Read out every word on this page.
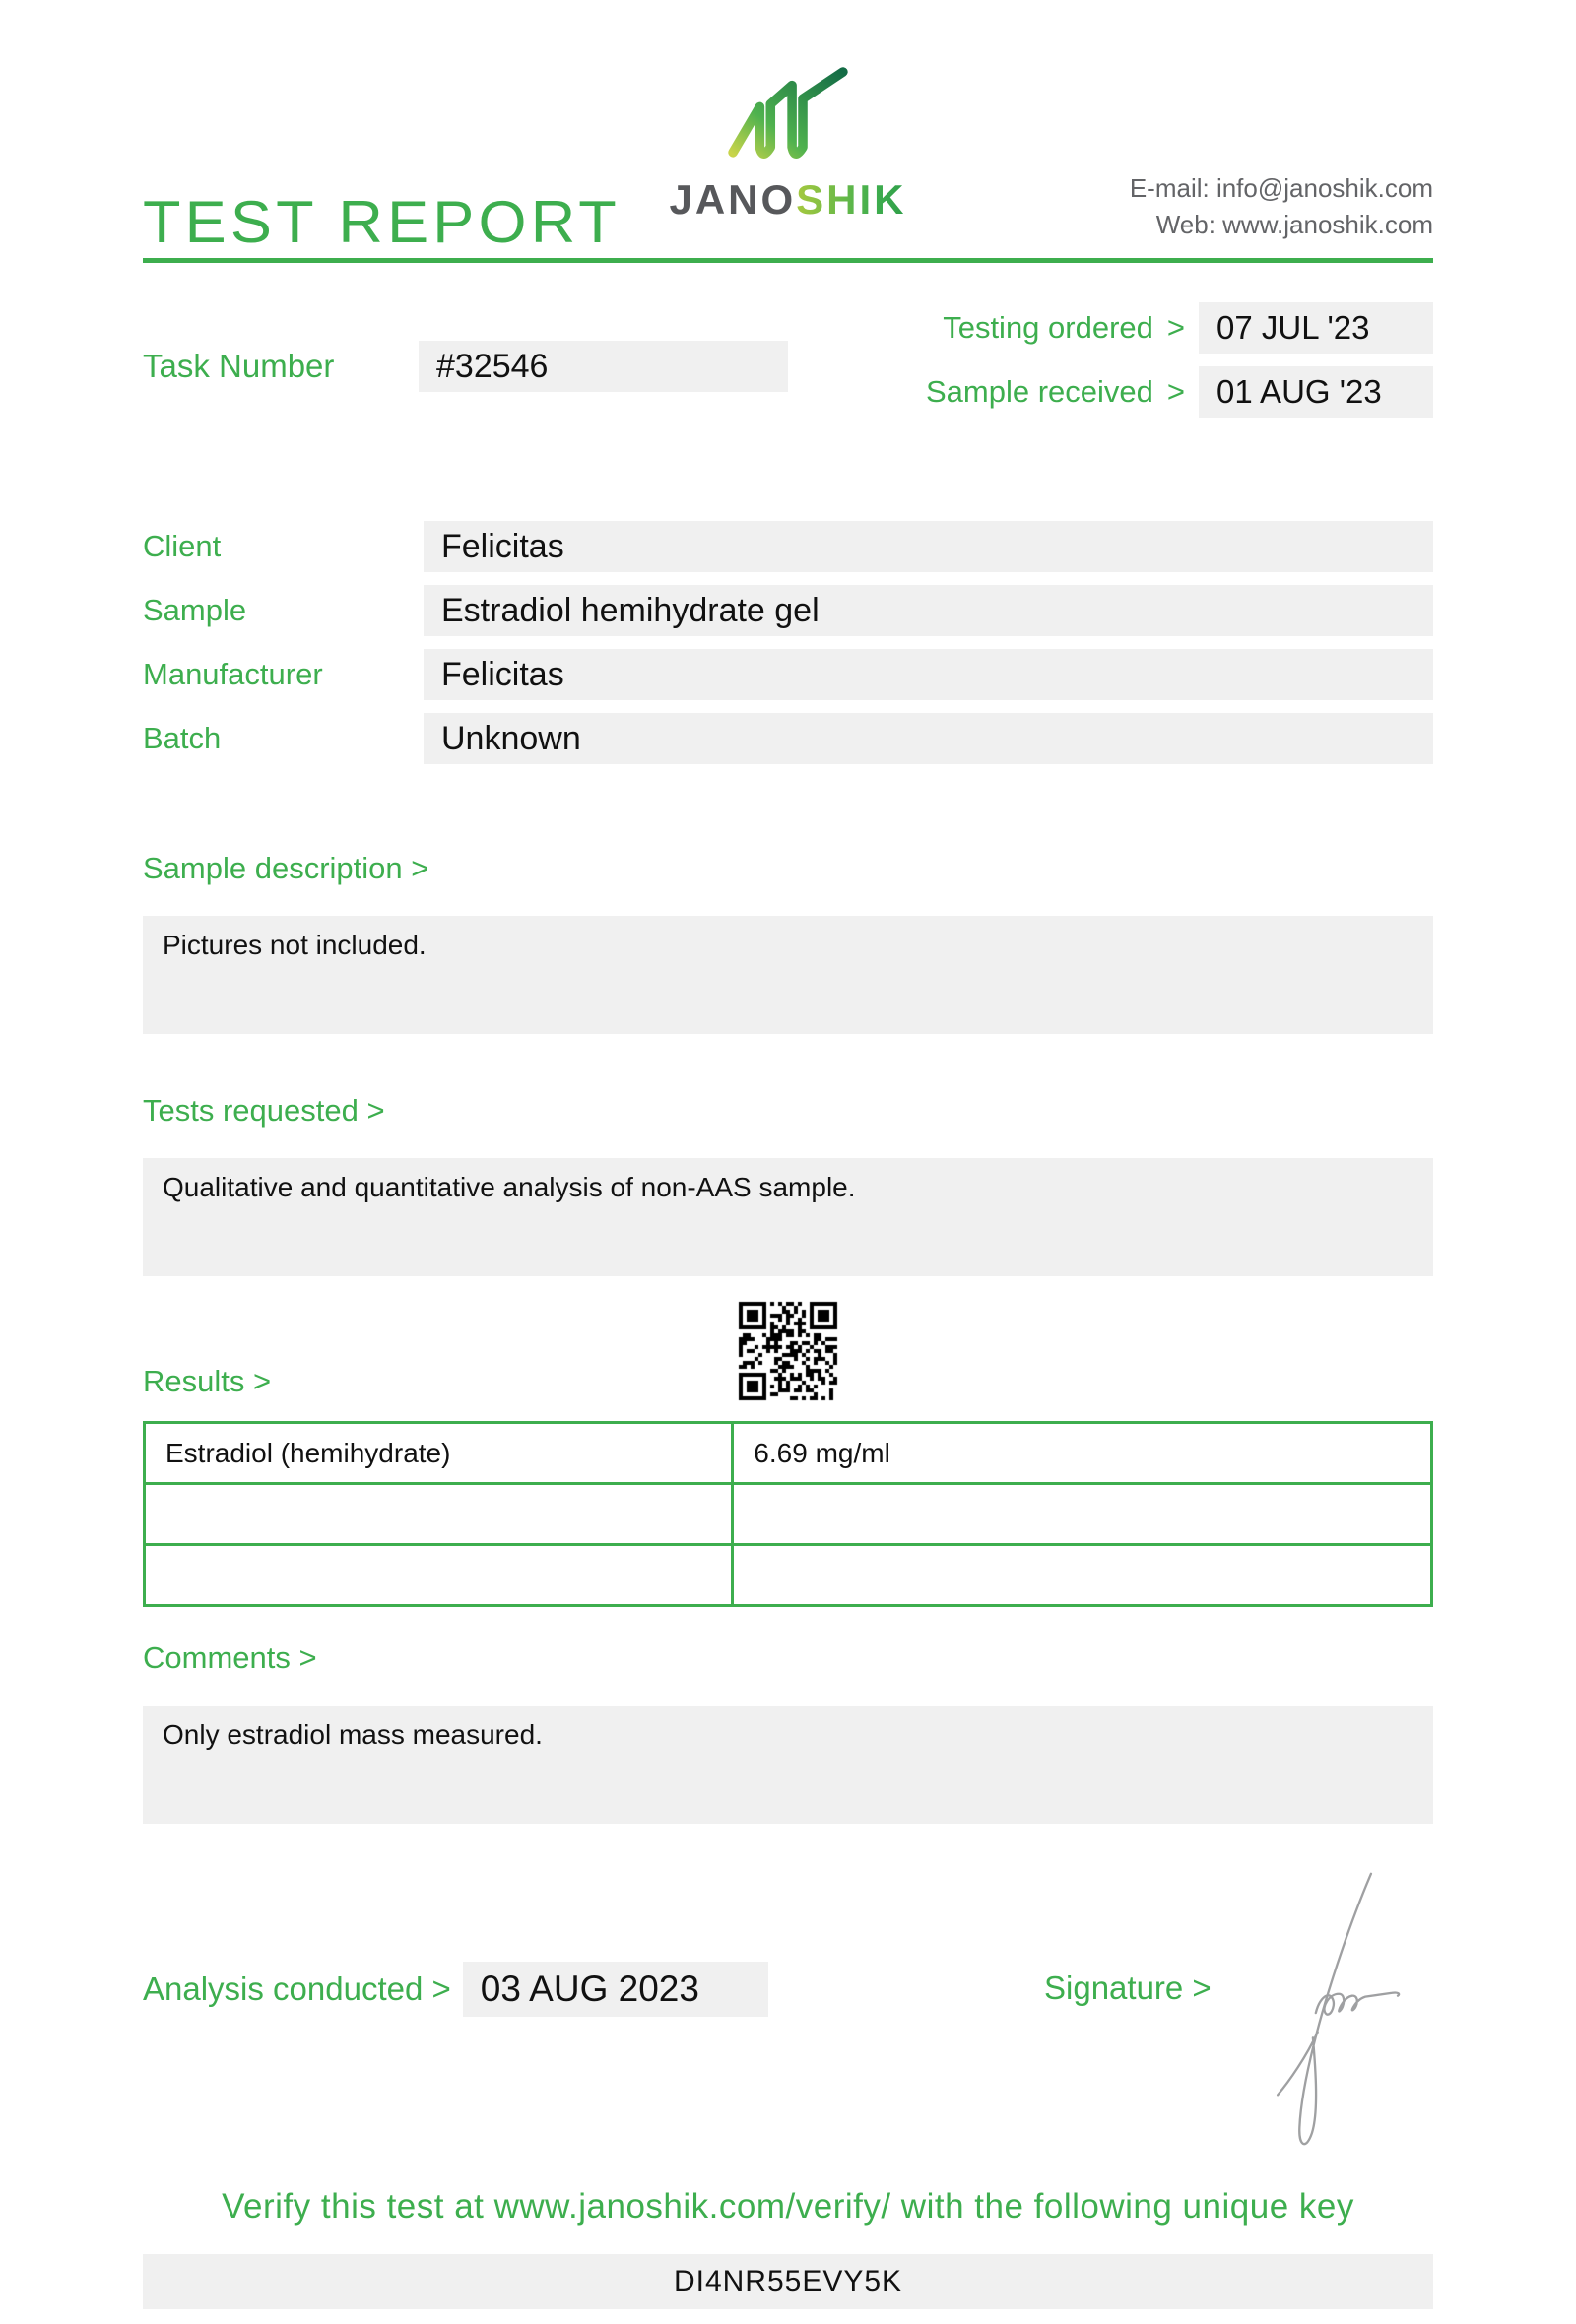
TEST REPORT	JANOSHIK	E-mail: info@janoshik.com
Web: www.janoshik.com
Task Number	#32546
Testing ordered > 07 JUL '23
Sample received > 01 AUG '23
Client	Felicitas
Sample	Estradiol hemihydrate gel
Manufacturer	Felicitas
Batch	Unknown
Sample description >
Pictures not included.
Tests requested >
Qualitative and quantitative analysis of non-AAS sample.
Results >
Estradiol (hemihydrate)	6.69 mg/ml

Comments >
Only estradiol mass measured.
Analysis conducted > 03 AUG 2023	Signature >
Verify this test at www.janoshik.com/verify/ with the following unique key
DI4NR55EVY5K
